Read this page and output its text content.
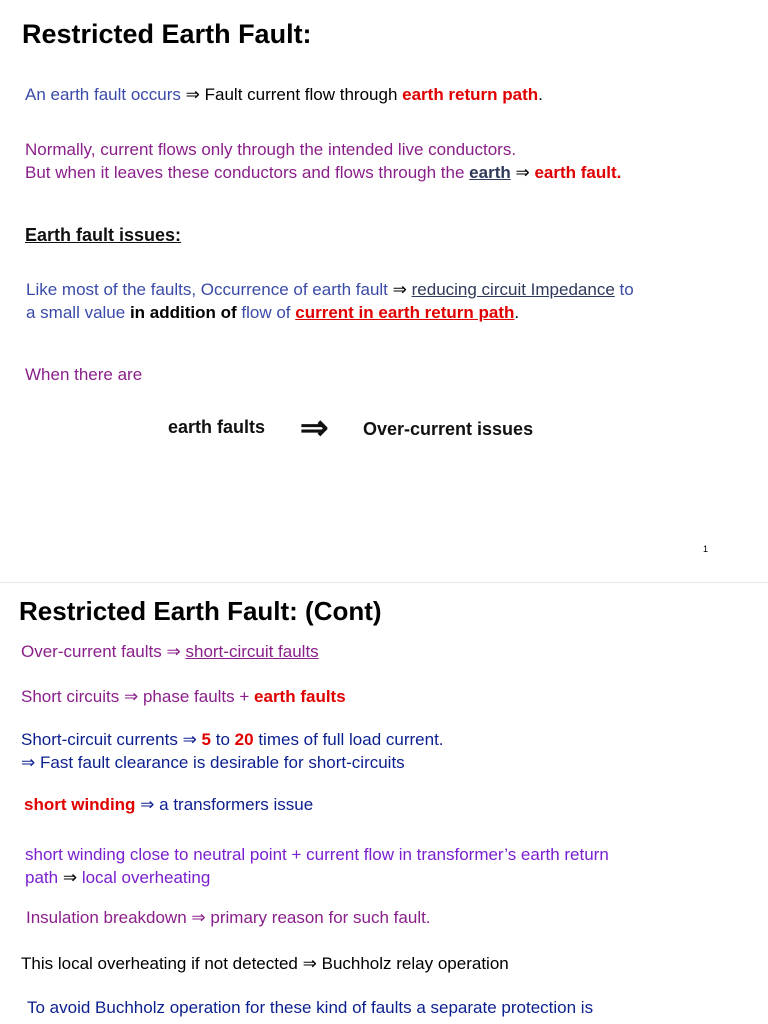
Restricted Earth Fault:
An earth fault occurs ⇒ Fault current flow through earth return path.
Normally, current flows only through the intended live conductors.
But when it leaves these conductors and flows through the earth ⇒ earth fault.
Earth fault issues:
Like most of the faults, Occurrence of earth fault ⇒ reducing circuit Impedance to
a small value in addition of flow of current in earth return path.
When there are
earth faults ⇒ Over-current issues
1
Restricted Earth Fault: (Cont)
Over-current faults ⇒ short-circuit faults
Short circuits ⇒ phase faults + earth faults
Short-circuit currents ⇒ 5 to 20 times of full load current.
⇒ Fast fault clearance is desirable for short-circuits
short winding ⇒ a transformers issue
short winding close to neutral point + current flow in transformer’s earth return
path ⇒ local overheating
Insulation breakdown ⇒ primary reason for such fault.
This local overheating if not detected ⇒ Buchholz relay operation
To avoid Buchholz operation for these kind of faults a separate protection is
